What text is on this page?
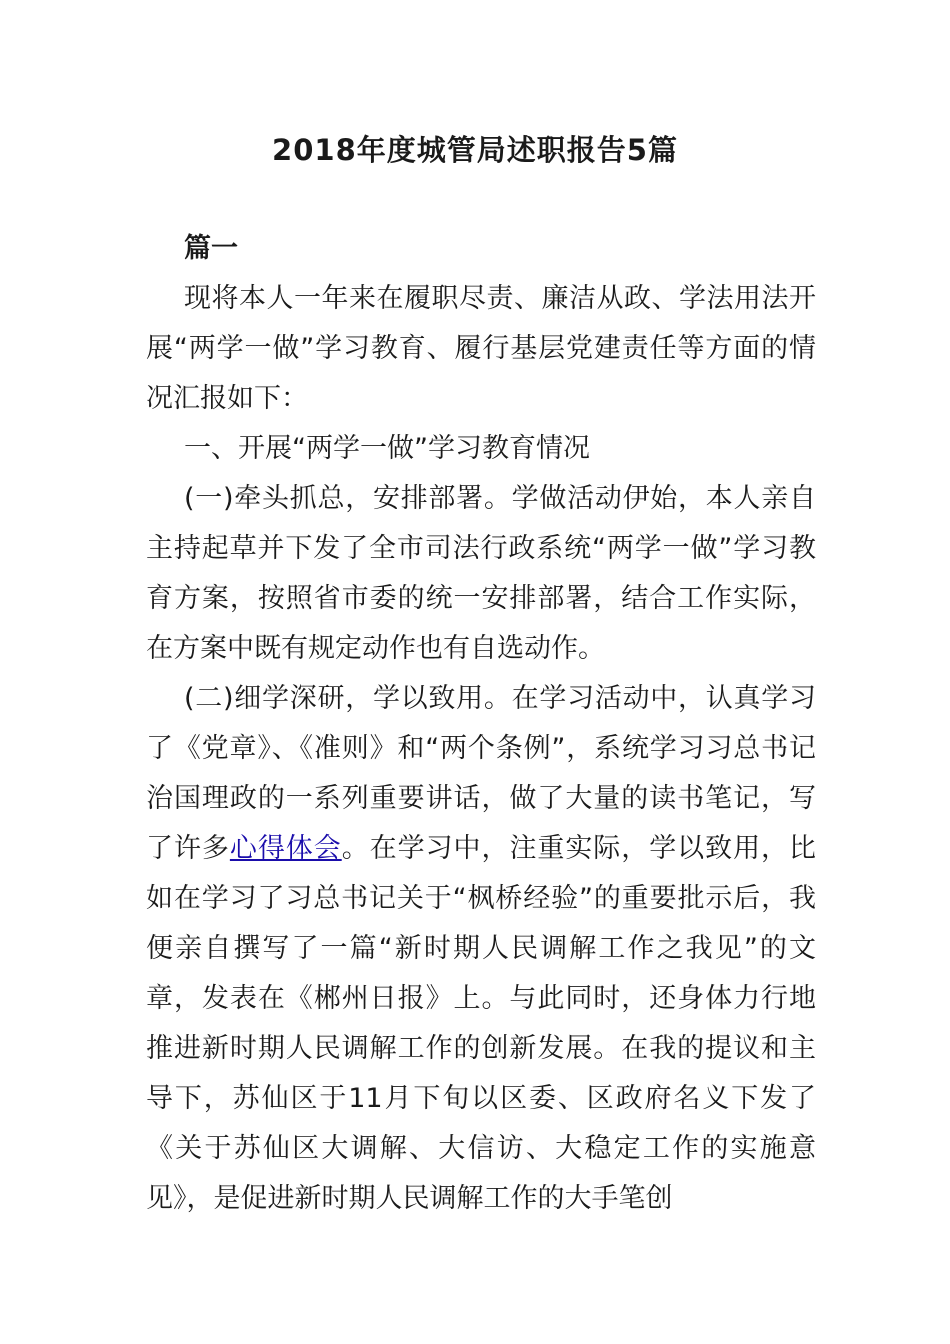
2018年度城管局述职报告5篇

篇一

现将本人一年来在履职尽责、廉洁从政、学法用法开展“两学一做”学习教育、履行基层党建责任等方面的情况汇报如下：

一、开展“两学一做”学习教育情况

(一)牵头抓总，安排部署。学做活动伊始，本人亲自主持起草并下发了全市司法行政系统“两学一做”学习教育方案，按照省市委的统一安排部署，结合工作实际，在方案中既有规定动作也有自选动作。

(二)细学深研，学以致用。在学习活动中，认真学习了《党章》、《准则》和“两个条例”，系统学习习总书记治国理政的一系列重要讲话，做了大量的读书笔记，写了许多心得体会。在学习中，注重实际，学以致用，比如在学习了习总书记关于“枫桥经验”的重要批示后，我便亲自撰写了一篇“新时期人民调解工作之我见”的文章，发表在《郴州日报》上。与此同时，还身体力行地推进新时期人民调解工作的创新发展。在我的提议和主导下，苏仙区于11月下旬以区委、区政府名义下发了《关于苏仙区大调解、大信访、大稳定工作的实施意见》，是促进新时期人民调解工作的大手笔创
